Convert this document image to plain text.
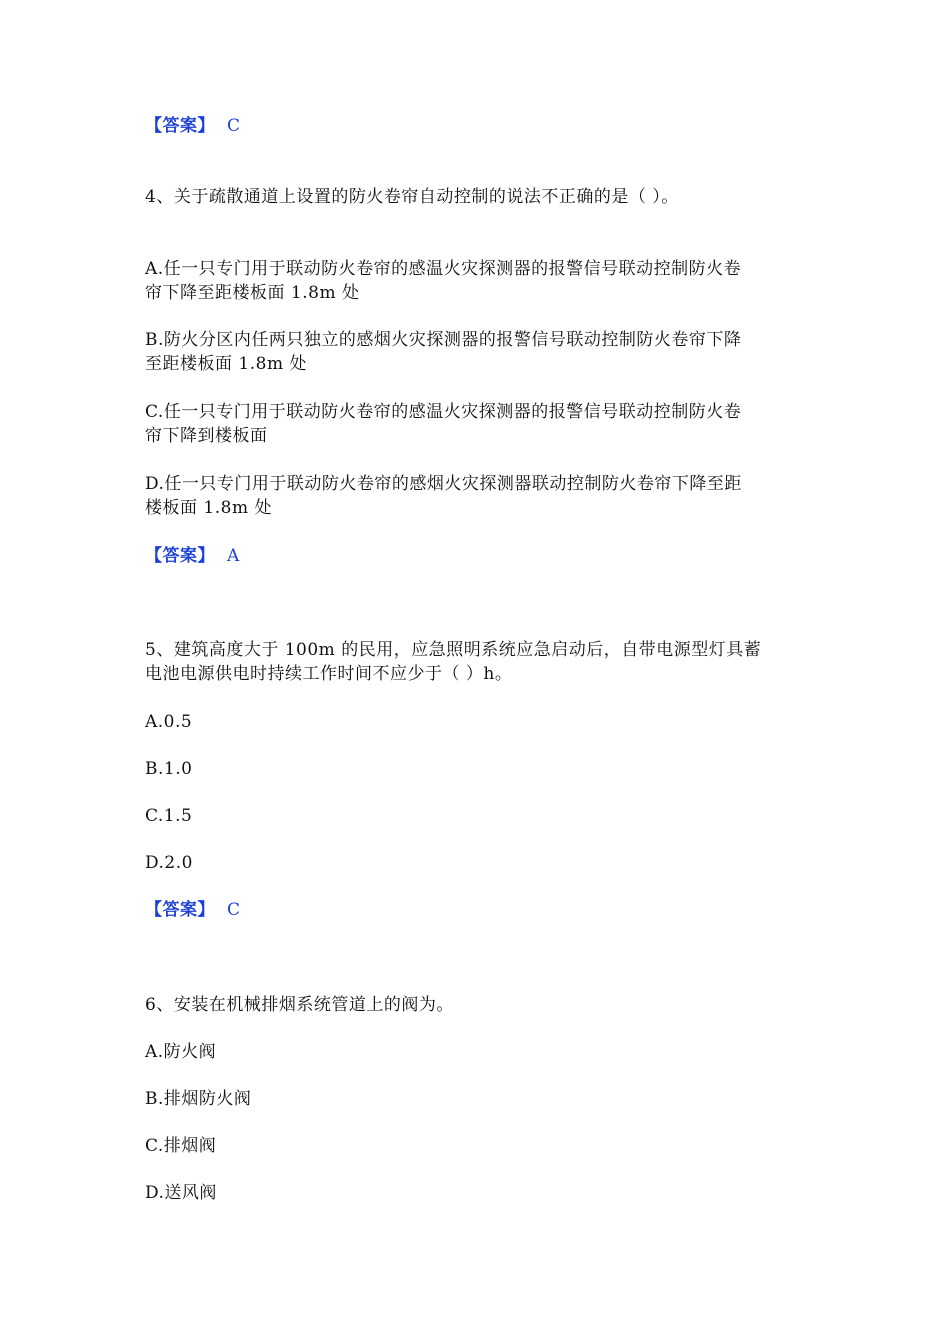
【答案】 C
4、关于疏散通道上设置的防火卷帘自动控制的说法不正确的是（ ）。
A.任一只专门用于联动防火卷帘的感温火灾探测器的报警信号联动控制防火卷
帘下降至距楼板面 1.8m 处
B.防火分区内任两只独立的感烟火灾探测器的报警信号联动控制防火卷帘下降
至距楼板面 1.8m 处
C.任一只专门用于联动防火卷帘的感温火灾探测器的报警信号联动控制防火卷
帘下降到楼板面
D.任一只专门用于联动防火卷帘的感烟火灾探测器联动控制防火卷帘下降至距
楼板面 1.8m 处
【答案】 A
5、建筑高度大于 100m 的民用，应急照明系统应急启动后，自带电源型灯具蓄
电池电源供电时持续工作时间不应少于（ ）h。
A.0.5
B.1.0
C.1.5
D.2.0
【答案】 C
6、安装在机械排烟系统管道上的阀为。
A.防火阀
B.排烟防火阀
C.排烟阀
D.送风阀
